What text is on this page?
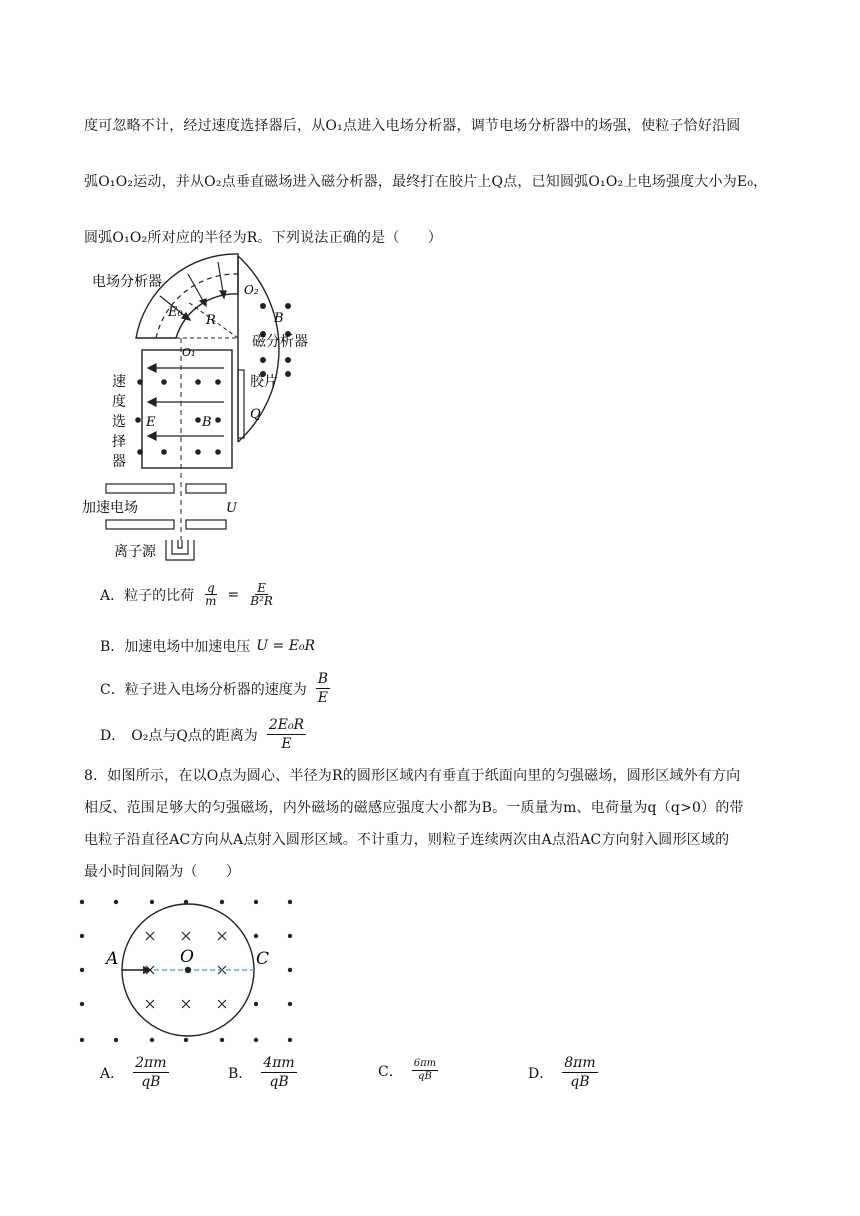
度可忽略不计，经过速度选择器后，从O₁点进入电场分析器，调节电场分析器中的场强，使粒子恰好沿圆
弧O₁O₂运动，并从O₂点垂直磁场进入磁分析器，最终打在胶片上Q点，已知圆弧O₁O₂上电场强度大小为E₀，
圆弧O₁O₂所对应的半径为R。下列说法正确的是（　　）
电场分析器
E₀
R
O₂
B
磁分析器
O₁
胶片
Q
速
度
选
择
器
E	B
加速电场	U
离子源
A．粒子的比荷 $\frac{q}{m} = \frac{E}{\text{B²R}}$
B．加速电场中加速电压 U = E₀R
C．粒子进入电场分析器的速度为 $\frac{B}{E}$
D． O₂点与Q点的距离为 $\frac{\text{2E₀R}}{E}$
8．如图所示，在以O点为圆心、半径为R的圆形区域内有垂直于纸面向里的匀强磁场，圆形区域外有方向
相反、范围足够大的匀强磁场，内外磁场的磁感应强度大小都为B。一质量为m、电荷量为q（q>0）的带
电粒子沿直径AC方向从A点射入圆形区域。不计重力，则粒子连续两次由A点沿AC方向射入圆形区域的
最小时间间隔为（　　）
A	O	C
A． $\frac{2\pi m}{qB}$	B． $\frac{4\pi m}{qB}$	C． $\frac{6\pi m}{qB}$	D． $\frac{8\pi m}{qB}$
